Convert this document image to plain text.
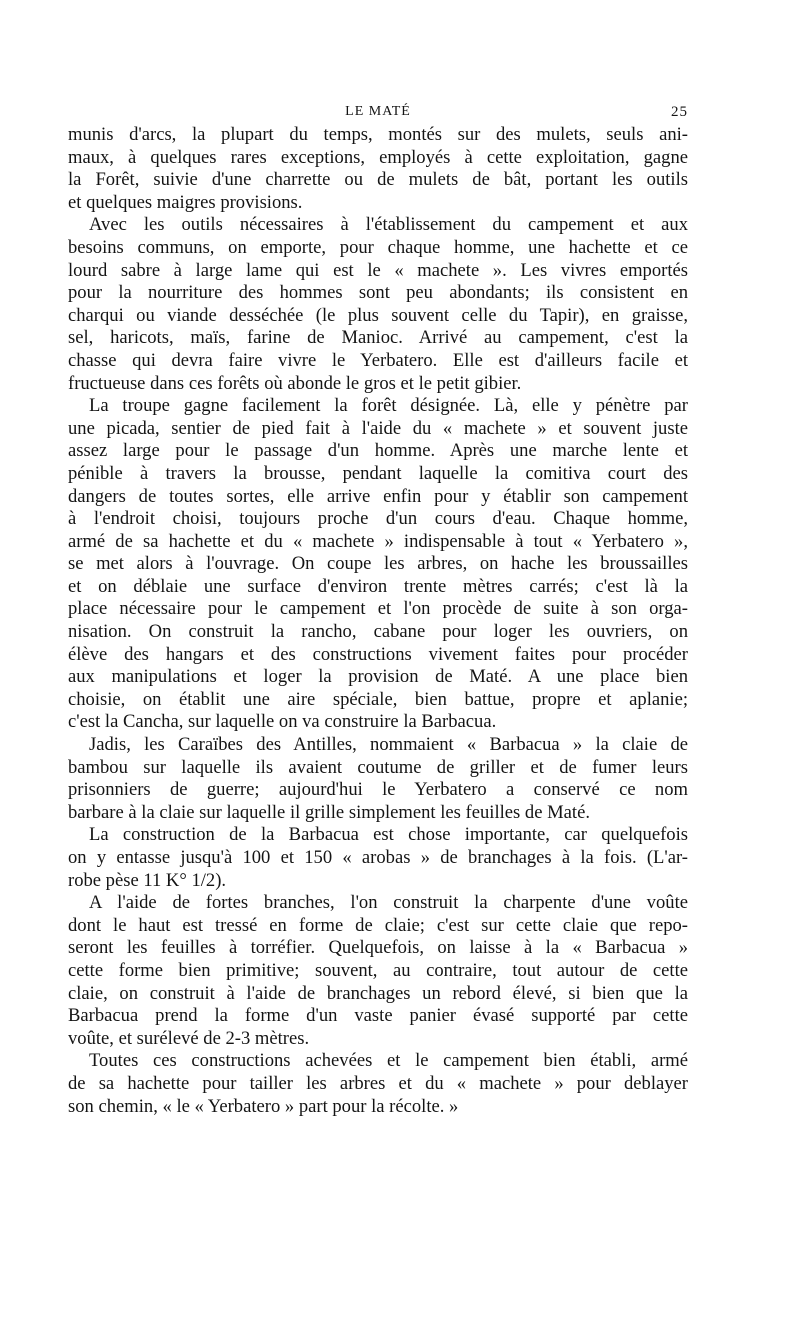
LE MATÉ	25
munis d'arcs, la plupart du temps, montés sur des mulets, seuls ani-
maux, à quelques rares exceptions, employés à cette exploitation, gagne
la Forêt, suivie d'une charrette ou de mulets de bât, portant les outils
et quelques maigres provisions.
Avec les outils nécessaires à l'établissement du campement et aux
besoins communs, on emporte, pour chaque homme, une hachette et ce
lourd sabre à large lame qui est le « machete ». Les vivres emportés
pour la nourriture des hommes sont peu abondants; ils consistent en
charqui ou viande desséchée (le plus souvent celle du Tapir), en graisse,
sel, haricots, maïs, farine de Manioc. Arrivé au campement, c'est la
chasse qui devra faire vivre le Yerbatero. Elle est d'ailleurs facile et
fructueuse dans ces forêts où abonde le gros et le petit gibier.
La troupe gagne facilement la forêt désignée. Là, elle y pénètre par
une picada, sentier de pied fait à l'aide du « machete » et souvent juste
assez large pour le passage d'un homme. Après une marche lente et
pénible à travers la brousse, pendant laquelle la comitiva court des
dangers de toutes sortes, elle arrive enfin pour y établir son campement
à l'endroit choisi, toujours proche d'un cours d'eau. Chaque homme,
armé de sa hachette et du « machete » indispensable à tout « Yerbatero »,
se met alors à l'ouvrage. On coupe les arbres, on hache les broussailles
et on déblaie une surface d'environ trente mètres carrés; c'est là la
place nécessaire pour le campement et l'on procède de suite à son orga-
nisation. On construit la rancho, cabane pour loger les ouvriers, on
élève des hangars et des constructions vivement faites pour procéder
aux manipulations et loger la provision de Maté. A une place bien
choisie, on établit une aire spéciale, bien battue, propre et aplanie;
c'est la Cancha, sur laquelle on va construire la Barbacua.
Jadis, les Caraïbes des Antilles, nommaient « Barbacua » la claie de
bambou sur laquelle ils avaient coutume de griller et de fumer leurs
prisonniers de guerre; aujourd'hui le Yerbatero a conservé ce nom
barbare à la claie sur laquelle il grille simplement les feuilles de Maté.
La construction de la Barbacua est chose importante, car quelquefois
on y entasse jusqu'à 100 et 150 « arobas » de branchages à la fois. (L'ar-
robe pèse 11 K° 1/2).
A l'aide de fortes branches, l'on construit la charpente d'une voûte
dont le haut est tressé en forme de claie; c'est sur cette claie que repo-
seront les feuilles à torréfier. Quelquefois, on laisse à la « Barbacua »
cette forme bien primitive; souvent, au contraire, tout autour de cette
claie, on construit à l'aide de branchages un rebord élevé, si bien que la
Barbacua prend la forme d'un vaste panier évasé supporté par cette
voûte, et surélevé de 2-3 mètres.
Toutes ces constructions achevées et le campement bien établi, armé
de sa hachette pour tailler les arbres et du « machete » pour deblayer
son chemin, « le « Yerbatero » part pour la récolte. »
